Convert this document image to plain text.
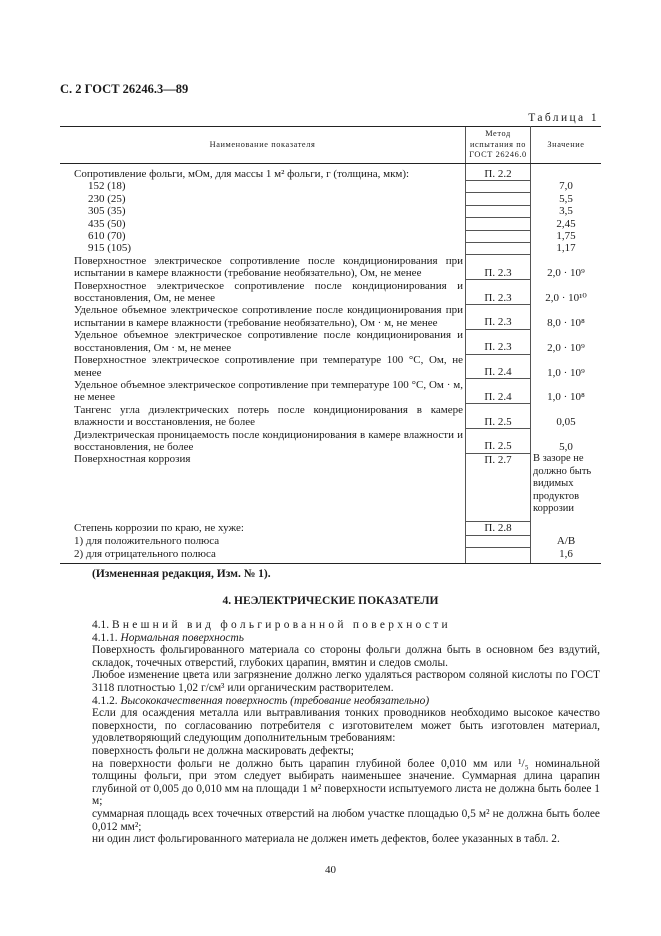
С. 2 ГОСТ 26246.3—89
Таблица 1
Наименование показателя	Метод испытания по ГОСТ 26246.0	Значение
Сопротивление фольги, мОм, для массы 1 м² фольги, г (толщина, мкм):	П. 2.2	
152 (18)		7,0
230 (25)		5,5
305 (35)		3,5
435 (50)		2,45
610 (70)		1,75
915 (105)		1,17
Поверхностное электрическое сопротивление после кондиционирования при испытании в камере влажности (требование необязательно), Ом, не менее	П. 2.3	2,0 · 10⁹
Поверхностное электрическое сопротивление после кондиционирования и восстановления, Ом, не менее	П. 2.3	2,0 · 10¹⁰
Удельное объемное электрическое сопротивление после кондиционирования при испытании в камере влажности (требование необязательно), Ом · м, не менее	П. 2.3	8,0 · 10⁸
Удельное объемное электрическое сопротивление после кондиционирования и восстановления, Ом · м, не менее	П. 2.3	2,0 · 10⁹
Поверхностное электрическое сопротивление при температуре 100 °С, Ом, не менее	П. 2.4	1,0 · 10⁹
Удельное объемное электрическое сопротивление при температуре 100 °С, Ом · м, не менее	П. 2.4	1,0 · 10⁸
Тангенс угла диэлектрических потерь после кондиционирования в камере влажности и восстановления, не более	П. 2.5	0,05
Диэлектрическая проницаемость после кондиционирования в камере влажности и восстановления, не более	П. 2.5	5,0
Поверхностная коррозия	П. 2.7	В зазоре не должно быть видимых продуктов коррозии
Степень коррозии по краю, не хуже:	П. 2.8	
1) для положительного полюса		А/В
2) для отрицательного полюса		1,6
(Измененная редакция, Изм. № 1).
4. НЕЭЛЕКТРИЧЕСКИЕ ПОКАЗАТЕЛИ

4.1. Внешний вид фольгированной поверхности

4.1.1. Нормальная поверхность

Поверхность фольгированного материала со стороны фольги должна быть в основном без вздутий, складок, точечных отверстий, глубоких царапин, вмятин и следов смолы.

Любое изменение цвета или загрязнение должно легко удаляться раствором соляной кислоты по ГОСТ 3118 плотностью 1,02 г/см³ или органическим растворителем.

4.1.2. Высококачественная поверхность (требование необязательно)

Если для осаждения металла или вытравливания тонких проводников необходимо высокое качество поверхности, по согласованию потребителя с изготовителем может быть изготовлен материал, удовлетворяющий следующим дополнительным требованиям:

поверхность фольги не должна маскировать дефекты;

на поверхности фольги не должно быть царапин глубиной более 0,010 мм или ¹/₅ номинальной толщины фольги, при этом следует выбирать наименьшее значение. Суммарная длина царапин глубиной от 0,005 до 0,010 мм на площади 1 м² поверхности испытуемого листа не должна быть более 1 м;

суммарная площадь всех точечных отверстий на любом участке площадью 0,5 м² не должна быть более 0,012 мм²;

ни один лист фольгированного материала не должен иметь дефектов, более указанных в табл. 2.

40
